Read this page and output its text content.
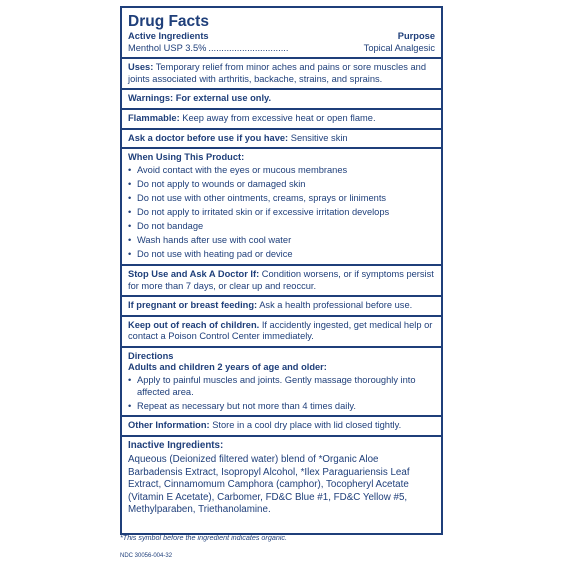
Drug Facts
Active Ingredients	Purpose
Menthol USP 3.5% ...............................	Topical Analgesic
Uses: Temporary relief from minor aches and pains or sore muscles and joints associated with arthritis, backache, strains, and sprains.
Warnings: For external use only.
Flammable: Keep away from excessive heat or open flame.
Ask a doctor before use if you have: Sensitive skin
When Using This Product:
• Avoid contact with the eyes or mucous membranes
• Do not apply to wounds or damaged skin
• Do not use with other ointments, creams, sprays or liniments
• Do not apply to irritated skin or if excessive irritation develops
• Do not bandage
• Wash hands after use with cool water
• Do not use with heating pad or device
Stop Use and Ask A Doctor If: Condition worsens, or if symptoms persist for more than 7 days, or clear up and reoccur.
If pregnant or breast feeding: Ask a health professional before use.
Keep out of reach of children. If accidently ingested, get medical help or contact a Poison Control Center immediately.
Directions
Adults and children 2 years of age and older:
• Apply to painful muscles and joints. Gently massage thoroughly into affected area.
• Repeat as necessary but not more than 4 times daily.
Other Information: Store in a cool dry place with lid closed tightly.
Inactive Ingredients:
Aqueous (Deionized filtered water) blend of *Organic Aloe Barbadensis Extract, Isopropyl Alcohol, *Ilex Paraguariensis Leaf Extract, Cinnamomum Camphora (camphor), Tocopheryl Acetate (Vitamin E Acetate), Carbomer, FD&C Blue #1, FD&C Yellow #5, Methylparaben, Triethanolamine.
*This symbol before the ingredient indicates organic.
NDC 30056-004-32
